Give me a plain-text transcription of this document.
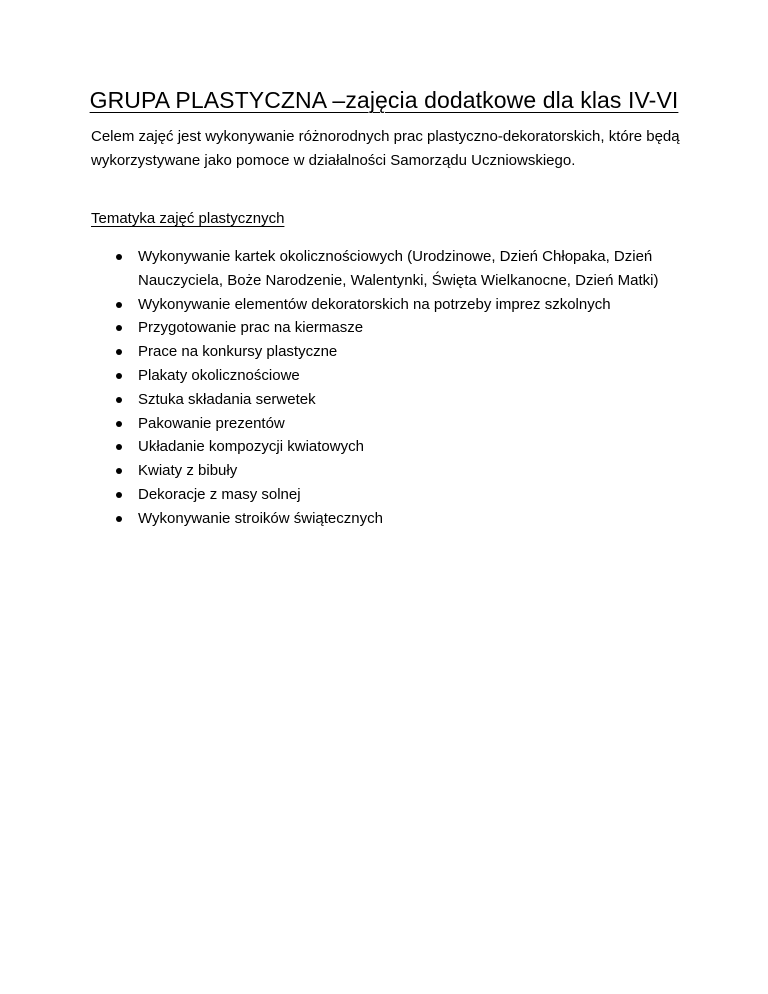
GRUPA PLASTYCZNA –zajęcia dodatkowe dla klas IV-VI

Celem zajęć jest wykonywanie różnorodnych prac plastyczno-dekoratorskich, które będą wykorzystywane jako pomoce w działalności Samorządu Uczniowskiego.

Tematyka zajęć plastycznych
Wykonywanie kartek okolicznościowych (Urodzinowe, Dzień Chłopaka, Dzień Nauczyciela, Boże Narodzenie, Walentynki, Święta Wielkanocne, Dzień Matki)
Wykonywanie elementów dekoratorskich na potrzeby imprez szkolnych
Przygotowanie prac na kiermasze
Prace na konkursy plastyczne
Plakaty okolicznościowe
Sztuka składania serwetek
Pakowanie prezentów
Układanie kompozycji kwiatowych
Kwiaty z bibuły
Dekoracje z masy solnej
Wykonywanie stroików świątecznych
